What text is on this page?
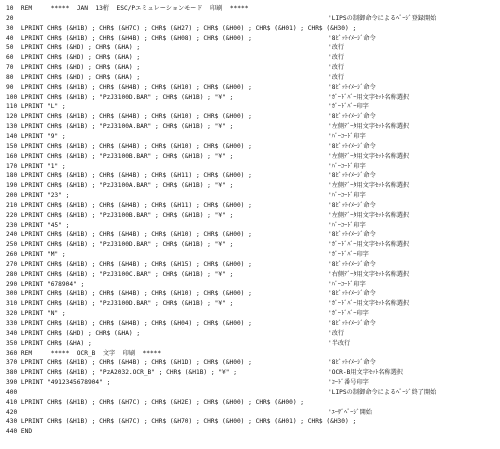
10  REM     *****  JAN  13桁  ESC/Pエミュレーションモード  印刷  *****
20	'LIPSの制御命令によるﾍﾟｰｼﾞ登録開始
30  LPRINT CHR$ (&H1B) ; CHR$ (&H7C) ; CHR$ (&H27) ; CHR$ (&H00) ; CHR$ (&H01) ; CHR$ (&H30) ;
40  LPRINT CHR$ (&H1B) ; CHR$ (&H4B) ; CHR$ (&H08) ; CHR$ (&H00) ;	'8ﾋﾞｯﾄｲﾒｰｼﾞ命令
50  LPRINT CHR$ (&HD) ; CHR$ (&HA) ;	'改行
60  LPRINT CHR$ (&HD) ; CHR$ (&HA) ;	'改行
70  LPRINT CHR$ (&HD) ; CHR$ (&HA) ;	'改行
80  LPRINT CHR$ (&HD) ; CHR$ (&HA) ;	'改行
90  LPRINT CHR$ (&H1B) ; CHR$ (&H4B) ; CHR$ (&H10) ; CHR$ (&H00) ;	'8ﾋﾞｯﾄｲﾒｰｼﾞ命令
100 LPRINT CHR$ (&H1B) ; "PzJ3100D.BAR" ; CHR$ (&H1B) ; "¥" ;	'ｶﾞｰﾄﾞﾊﾞｰ用文字ｾｯﾄ名称選択
110 LPRINT "L" ;	'ｶﾞｰﾄﾞﾊﾞｰ印字
120 LPRINT CHR$ (&H1B) ; CHR$ (&H4B) ; CHR$ (&H10) ; CHR$ (&H00) ;	'8ﾋﾞｯﾄｲﾒｰｼﾞ命令
130 LPRINT CHR$ (&H1B) ; "PzJ3100A.BAR" ; CHR$ (&H1B) ; "¥" ;	'左側ﾃﾞｰﾀ用文字ｾｯﾄ名称選択
140 LPRINT "9" ;	'ﾊﾞｰｺｰﾄﾞ印字
150 LPRINT CHR$ (&H1B) ; CHR$ (&H4B) ; CHR$ (&H10) ; CHR$ (&H00) ;	'8ﾋﾞｯﾄｲﾒｰｼﾞ命令
160 LPRINT CHR$ (&H1B) ; "PzJ3100B.BAR" ; CHR$ (&H1B) ; "¥" ;	'左側ﾃﾞｰﾀ用文字ｾｯﾄ名称選択
170 LPRINT "1" ;	'ﾊﾞｰｺｰﾄﾞ印字
180 LPRINT CHR$ (&H1B) ; CHR$ (&H4B) ; CHR$ (&H11) ; CHR$ (&H00) ;	'8ﾋﾞｯﾄｲﾒｰｼﾞ命令
190 LPRINT CHR$ (&H1B) ; "PzJ3100A.BAR" ; CHR$ (&H1B) ; "¥" ;	'左側ﾃﾞｰﾀ用文字ｾｯﾄ名称選択
200 LPRINT "23" ;	'ﾊﾞｰｺｰﾄﾞ印字
210 LPRINT CHR$ (&H1B) ; CHR$ (&H4B) ; CHR$ (&H11) ; CHR$ (&H00) ;	'8ﾋﾞｯﾄｲﾒｰｼﾞ命令
220 LPRINT CHR$ (&H1B) ; "PzJ3100B.BAR" ; CHR$ (&H1B) ; "¥" ;	'左側ﾃﾞｰﾀ用文字ｾｯﾄ名称選択
230 LPRINT "45" ;	'ﾊﾞｰｺｰﾄﾞ印字
240 LPRINT CHR$ (&H1B) ; CHR$ (&H4B) ; CHR$ (&H10) ; CHR$ (&H00) ;	'8ﾋﾞｯﾄｲﾒｰｼﾞ命令
250 LPRINT CHR$ (&H1B) ; "PzJ3100D.BAR" ; CHR$ (&H1B) ; "¥" ;	'ｶﾞｰﾄﾞﾊﾞｰ用文字ｾｯﾄ名称選択
260 LPRINT "M" ;	'ｶﾞｰﾄﾞﾊﾞｰ印字
270 LPRINT CHR$ (&H1B) ; CHR$ (&H4B) ; CHR$ (&H15) ; CHR$ (&H00) ;	'8ﾋﾞｯﾄｲﾒｰｼﾞ命令
280 LPRINT CHR$ (&H1B) ; "PzJ3100C.BAR" ; CHR$ (&H1B) ; "¥" ;	'右側ﾃﾞｰﾀ用文字ｾｯﾄ名称選択
290 LPRINT "678904" ;	'ﾊﾞｰｺｰﾄﾞ印字
300 LPRINT CHR$ (&H1B) ; CHR$ (&H4B) ; CHR$ (&H10) ; CHR$ (&H00) ;	'8ﾋﾞｯﾄｲﾒｰｼﾞ命令
310 LPRINT CHR$ (&H1B) ; "PzJ3100D.BAR" ; CHR$ (&H1B) ; "¥" ;	'ｶﾞｰﾄﾞﾊﾞｰ用文字ｾｯﾄ名称選択
320 LPRINT "N" ;	'ｶﾞｰﾄﾞﾊﾞｰ印字
330 LPRINT CHR$ (&H1B) ; CHR$ (&H4B) ; CHR$ (&H04) ; CHR$ (&H00) ;	'8ﾋﾞｯﾄｲﾒｰｼﾞ命令
340 LPRINT CHR$ (&HD) ; CHR$ (&HA) ;	'改行
350 LPRINT CHR$ (&HA) ;	'半改行
360 REM     *****  OCR_B  文字  印刷  *****
370 LPRINT CHR$ (&H1B) ; CHR$ (&H4B) ; CHR$ (&H1D) ; CHR$ (&H00) ;	'8ﾋﾞｯﾄｲﾒｰｼﾞ命令
380 LPRINT CHR$ (&H1B) ; "PzA2032.OCR_B" ; CHR$ (&H1B) ; "¥" ;	'OCR-B用文字ｾｯﾄ名称選択
390 LPRINT "4912345678904" ;	'ｺｰﾄﾞ番号印字
400	'LIPSの制御命令によるﾍﾟｰｼﾞ終了開始
410 LPRINT CHR$ (&H1B) ; CHR$ (&H7C) ; CHR$ (&H2E) ; CHR$ (&H00) ; CHR$ (&H00) ;
420	'ﾕｰｻﾞﾍﾟｰｼﾞ開始
430 LPRINT CHR$ (&H1B) ; CHR$ (&H7C) ; CHR$ (&H70) ; CHR$ (&H00) ; CHR$ (&H01) ; CHR$ (&H30) ;
440 END
